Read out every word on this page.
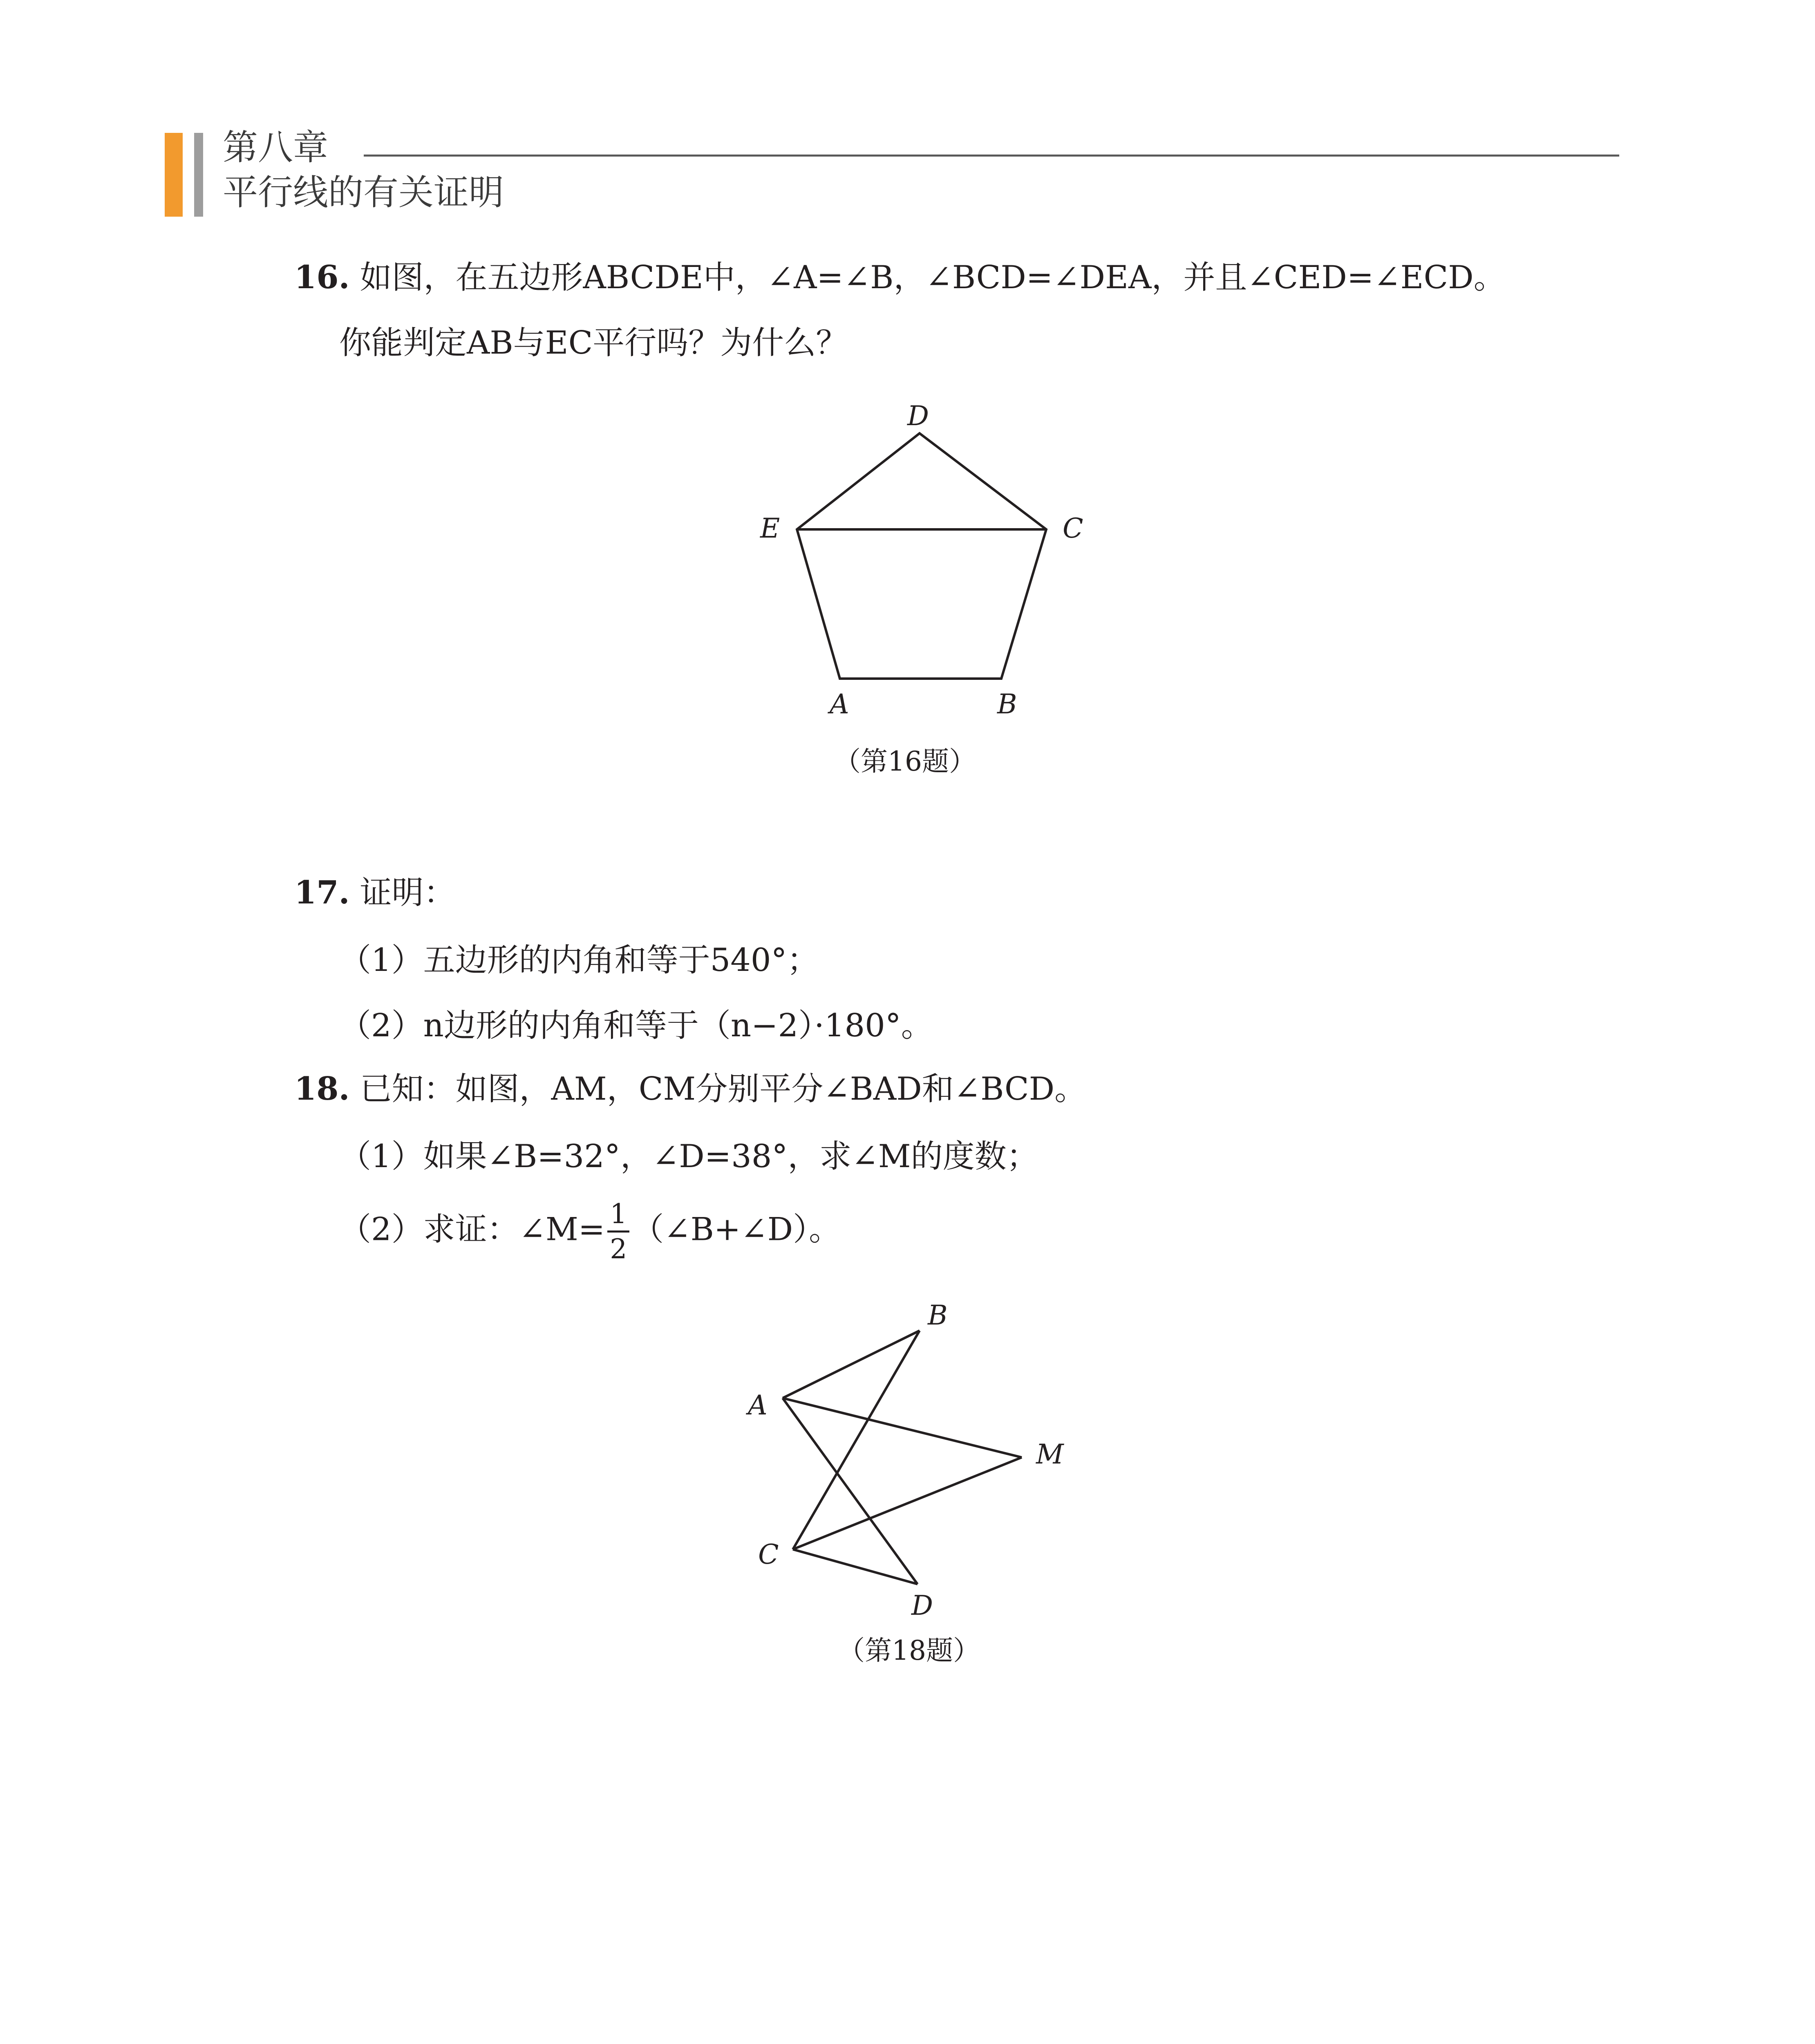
第八章
平行线的有关证明
16. 如图，在五边形ABCDE中，∠A=∠B，∠BCD=∠DEA，并且∠CED=∠ECD。
你能判定AB与EC平行吗？为什么？
D
E	C
A	B
（第16题）
17. 证明：
（1）五边形的内角和等于540°；
（2）n边形的内角和等于（n−2）·180°。
18. 已知：如图，AM，CM分别平分∠BAD和∠BCD。
（1）如果∠B=32°，∠D=38°，求∠M的度数；
（2）求证：∠M= $\frac{1}{2}$ （∠B+∠D）。
B
A
M
C
D
（第18题）
